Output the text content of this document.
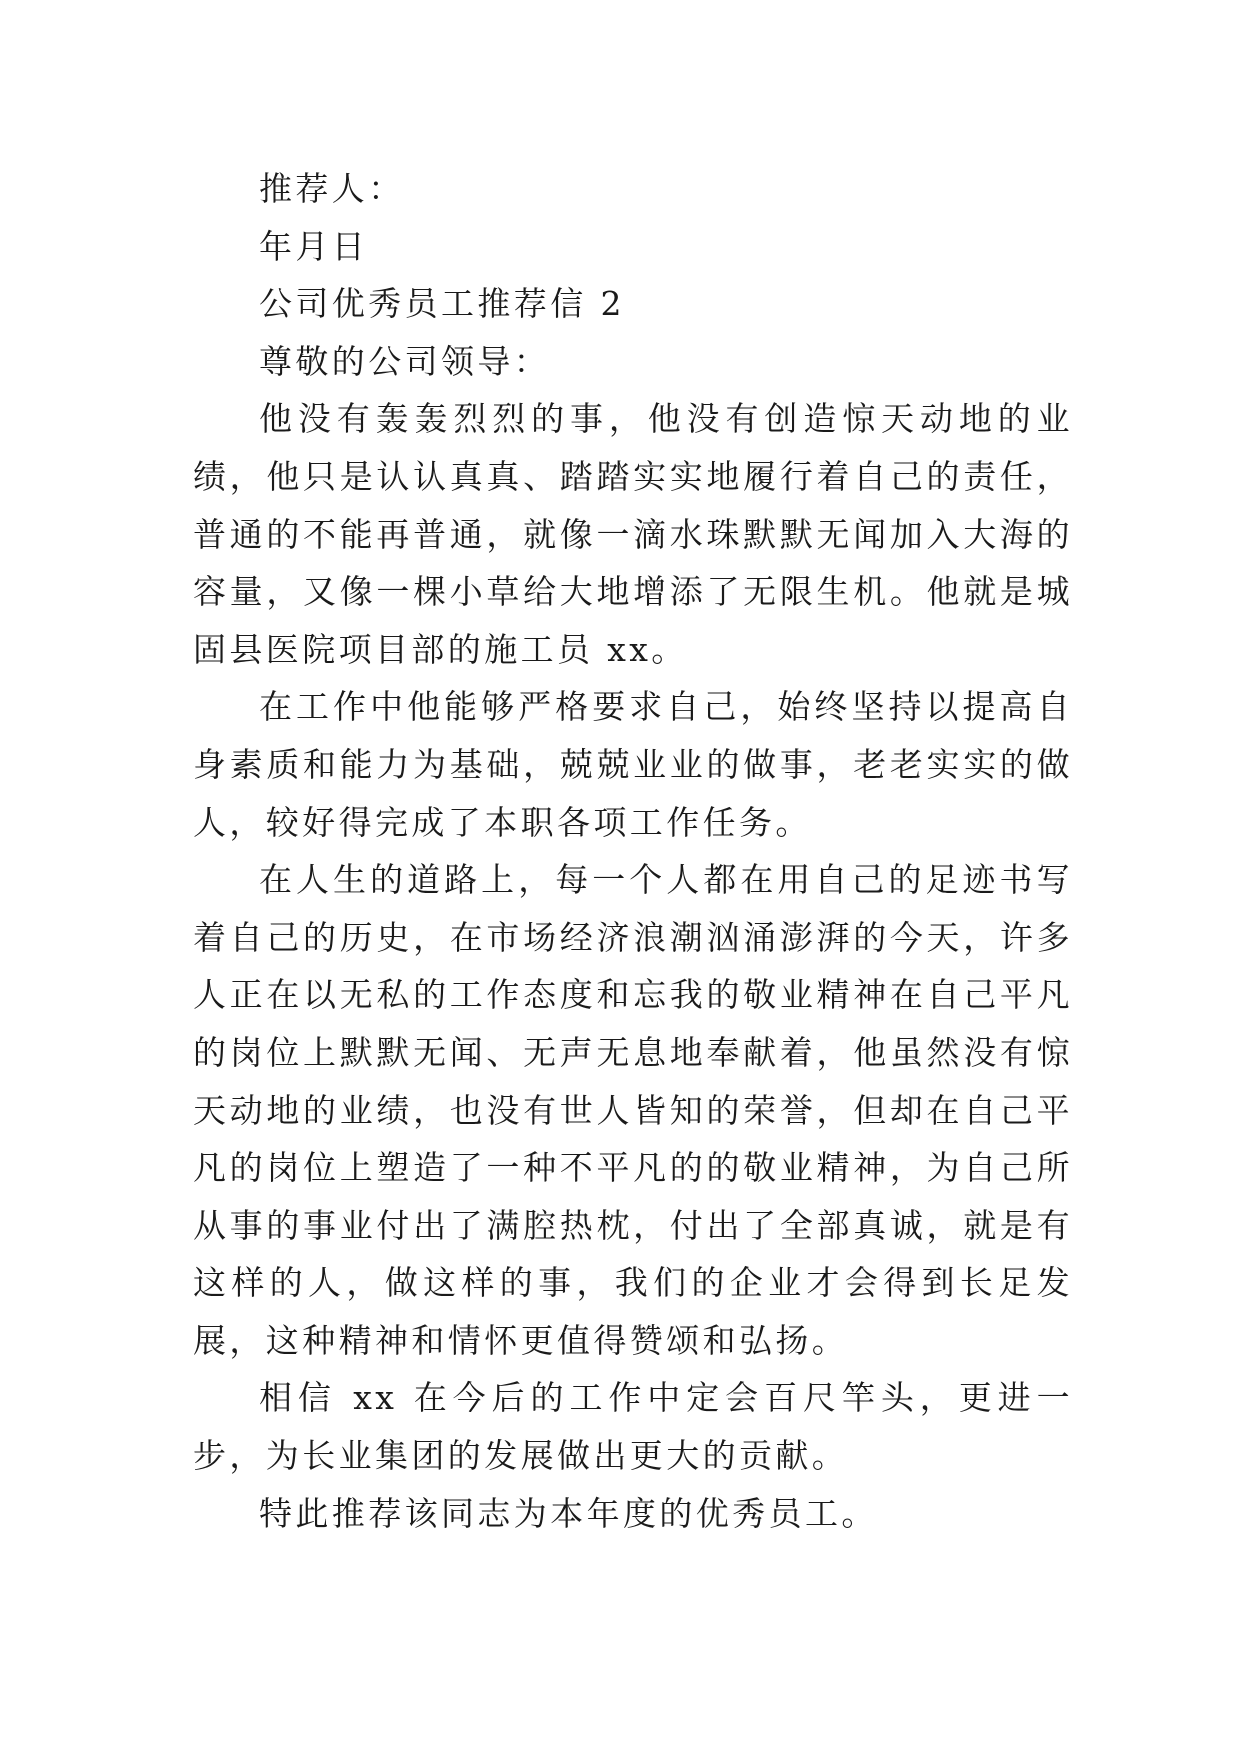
推荐人：

年月日

公司优秀员工推荐信 2

尊敬的公司领导：

他没有轰轰烈烈的事，他没有创造惊天动地的业绩，他只是认认真真、踏踏实实地履行着自己的责任，普通的不能再普通，就像一滴水珠默默无闻加入大海的容量，又像一棵小草给大地增添了无限生机。他就是城固县医院项目部的施工员 xx。

在工作中他能够严格要求自己，始终坚持以提高自身素质和能力为基础，兢兢业业的做事，老老实实的做人，较好得完成了本职各项工作任务。

在人生的道路上，每一个人都在用自己的足迹书写着自己的历史，在市场经济浪潮汹涌澎湃的今天，许多人正在以无私的工作态度和忘我的敬业精神在自己平凡的岗位上默默无闻、无声无息地奉献着，他虽然没有惊天动地的业绩，也没有世人皆知的荣誉，但却在自己平凡的岗位上塑造了一种不平凡的的敬业精神，为自己所从事的事业付出了满腔热枕，付出了全部真诚，就是有这样的人，做这样的事，我们的企业才会得到长足发展，这种精神和情怀更值得赞颂和弘扬。

相信 xx 在今后的工作中定会百尺竿头，更进一步，为长业集团的发展做出更大的贡献。

特此推荐该同志为本年度的优秀员工。
